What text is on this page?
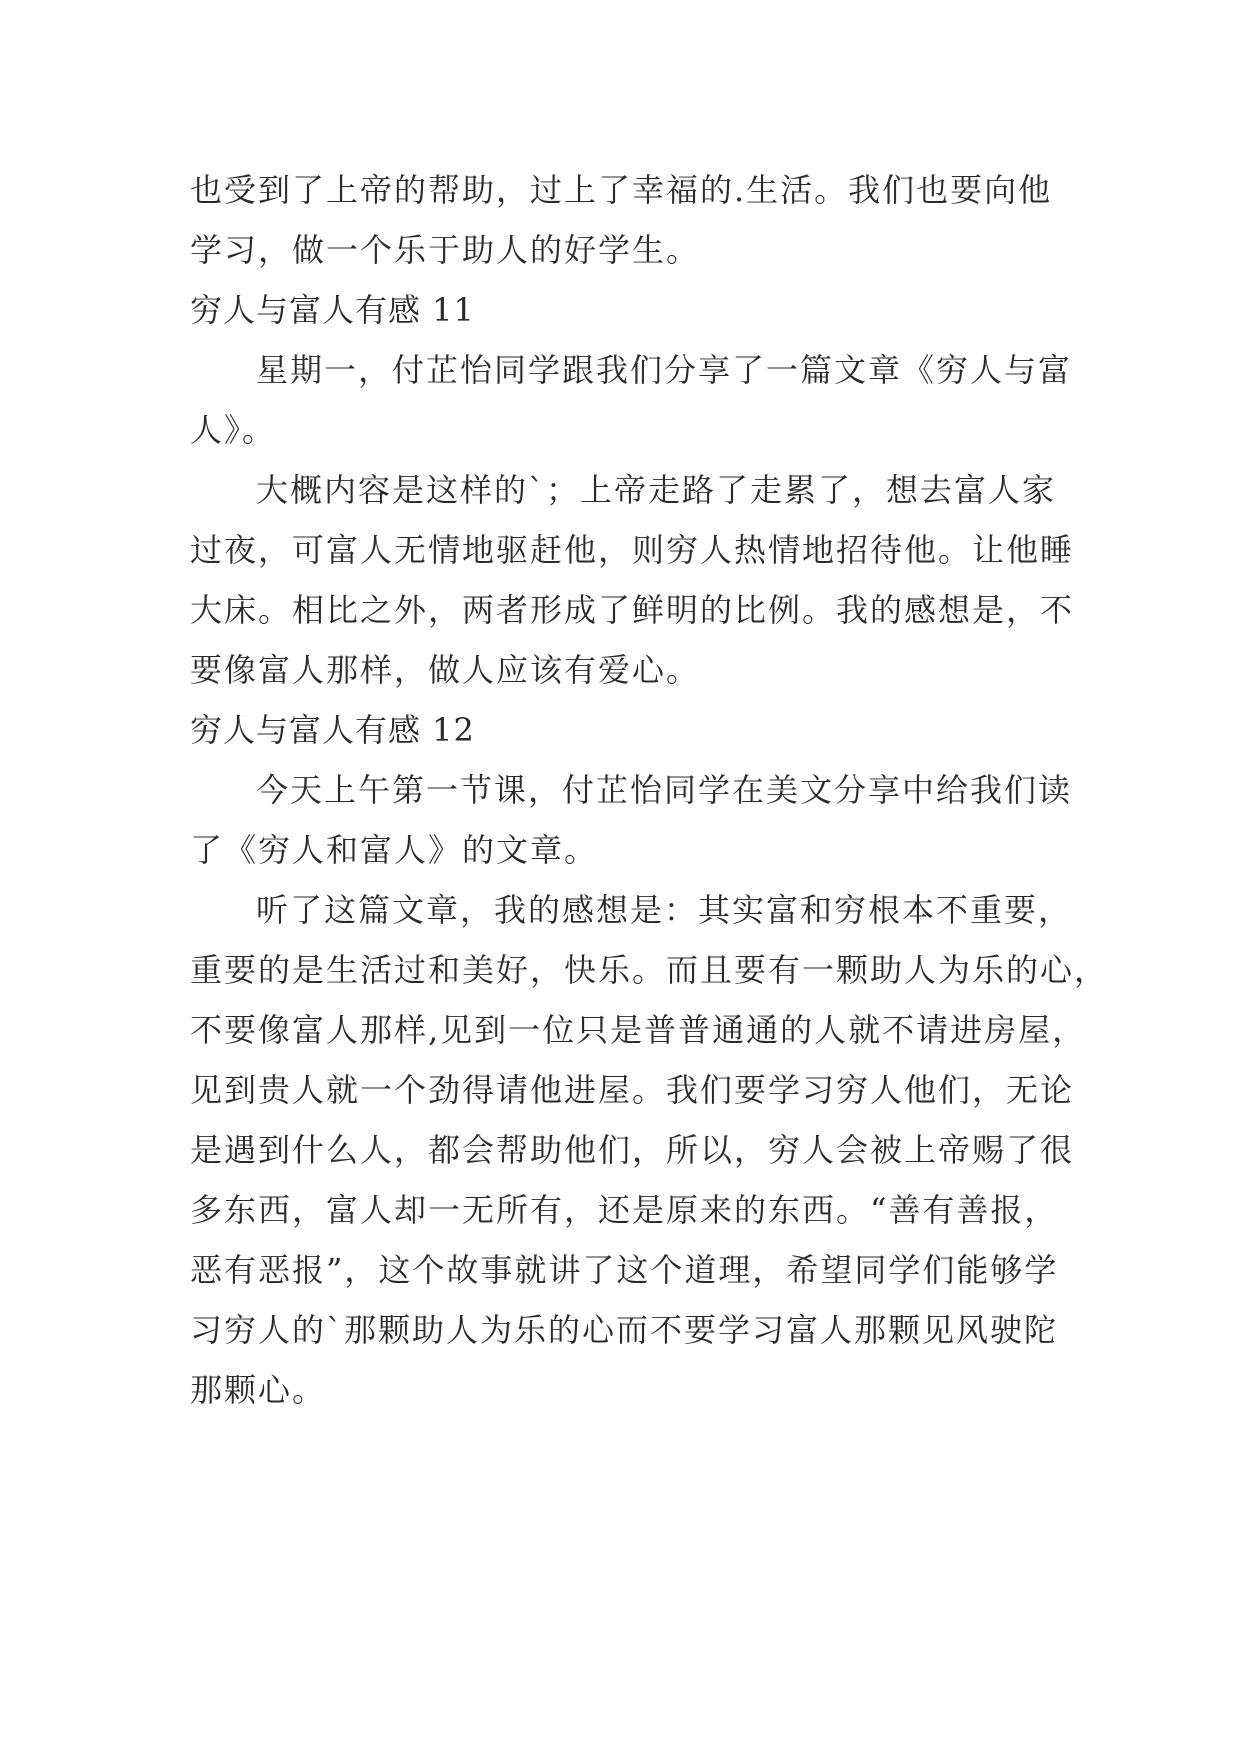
也受到了上帝的帮助，过上了幸福的.生活。我们也要向他
学习，做一个乐于助人的好学生。
穷人与富人有感 11
星期一，付芷怡同学跟我们分享了一篇文章《穷人与富
人》。
大概内容是这样的`；上帝走路了走累了，想去富人家
过夜，可富人无情地驱赶他，则穷人热情地招待他。让他睡
大床。相比之外，两者形成了鲜明的比例。我的感想是，不
要像富人那样，做人应该有爱心。
穷人与富人有感 12
今天上午第一节课，付芷怡同学在美文分享中给我们读
了《穷人和富人》的文章。
听了这篇文章，我的感想是：其实富和穷根本不重要，
重要的是生活过和美好，快乐。而且要有一颗助人为乐的心，
不要像富人那样,见到一位只是普普通通的人就不请进房屋，
见到贵人就一个劲得请他进屋。我们要学习穷人他们，无论
是遇到什么人，都会帮助他们，所以，穷人会被上帝赐了很
多东西，富人却一无所有，还是原来的东西。“善有善报，
恶有恶报”，这个故事就讲了这个道理，希望同学们能够学
习穷人的`那颗助人为乐的心而不要学习富人那颗见风驶陀
那颗心。
